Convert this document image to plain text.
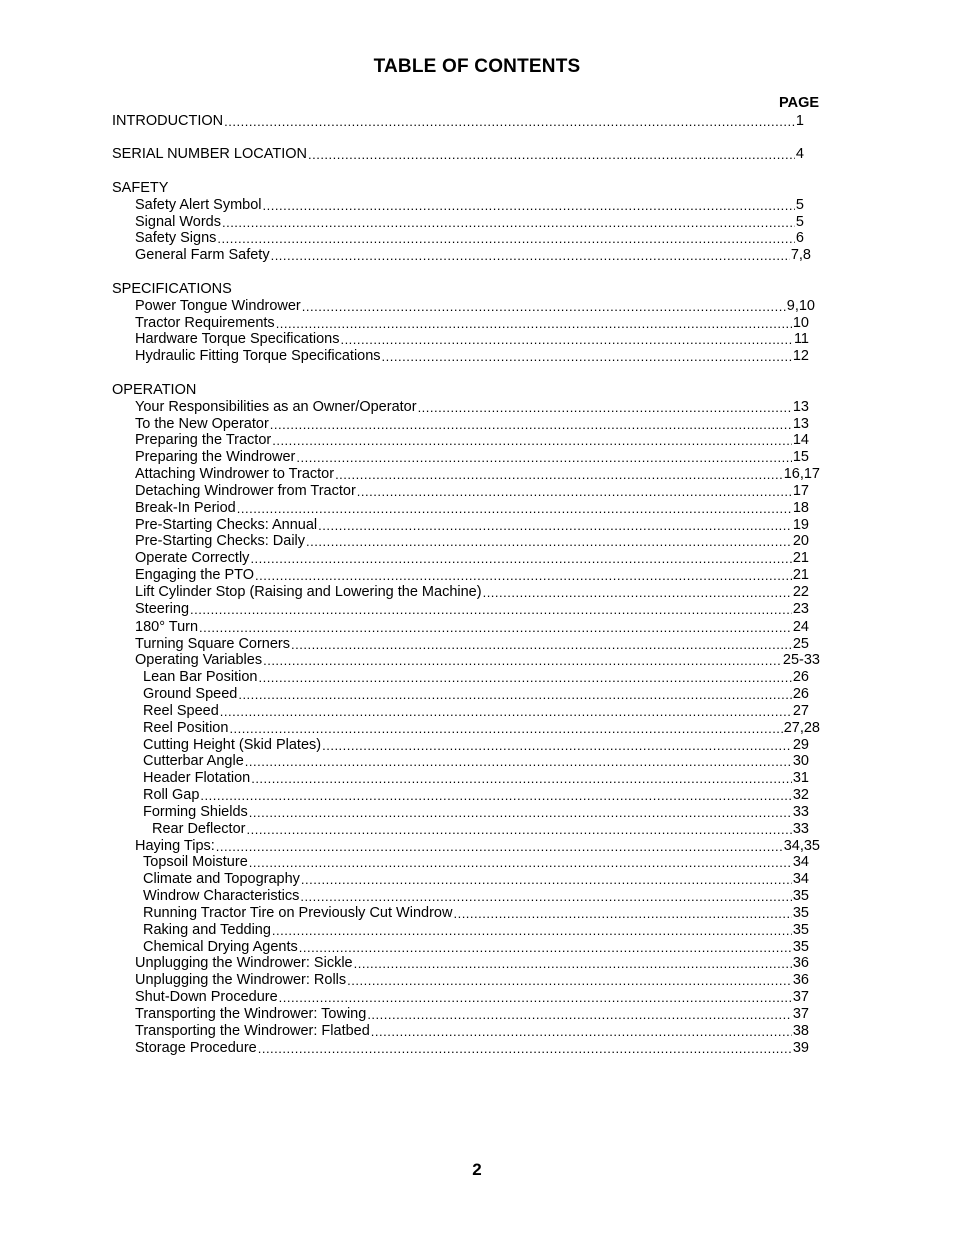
TABLE OF CONTENTS
PAGE
INTRODUCTION .....	1
SERIAL NUMBER LOCATION .....	4
SAFETY
Safety Alert Symbol .....	5
Signal Words .....	5
Safety Signs .....	6
General Farm Safety .....	7,8
SPECIFICATIONS
Power Tongue Windrower .....	9,10
Tractor Requirements .....	10
Hardware Torque Specifications .....	11
Hydraulic Fitting Torque Specifications .....	12
OPERATION
Your Responsibilities as an Owner/Operator .....	13
To the New Operator .....	13
Preparing the Tractor .....	14
Preparing the Windrower .....	15
Attaching Windrower to Tractor .....	16,17
Detaching Windrower from Tractor .....	17
Break-In Period .....	18
Pre-Starting Checks: Annual .....	19
Pre-Starting Checks: Daily .....	20
Operate Correctly .....	21
Engaging the PTO .....	21
Lift Cylinder Stop (Raising and Lowering the Machine) .....	22
Steering .....	23
180° Turn .....	24
Turning Square Corners .....	25
Operating Variables .....	25-33
Lean Bar Position .....	26
Ground Speed .....	26
Reel Speed .....	27
Reel Position .....	27,28
Cutting Height (Skid Plates) .....	29
Cutterbar Angle .....	30
Header Flotation .....	31
Roll Gap .....	32
Forming Shields .....	33
Rear Deflector .....	33
Haying Tips: .....	34,35
Topsoil Moisture .....	34
Climate and Topography .....	34
Windrow Characteristics .....	35
Running Tractor Tire on Previously Cut Windrow .....	35
Raking and Tedding .....	35
Chemical Drying Agents .....	35
Unplugging the Windrower: Sickle .....	36
Unplugging the Windrower: Rolls .....	36
Shut-Down Procedure .....	37
Transporting the Windrower: Towing .....	37
Transporting the Windrower: Flatbed .....	38
Storage Procedure .....	39
2
